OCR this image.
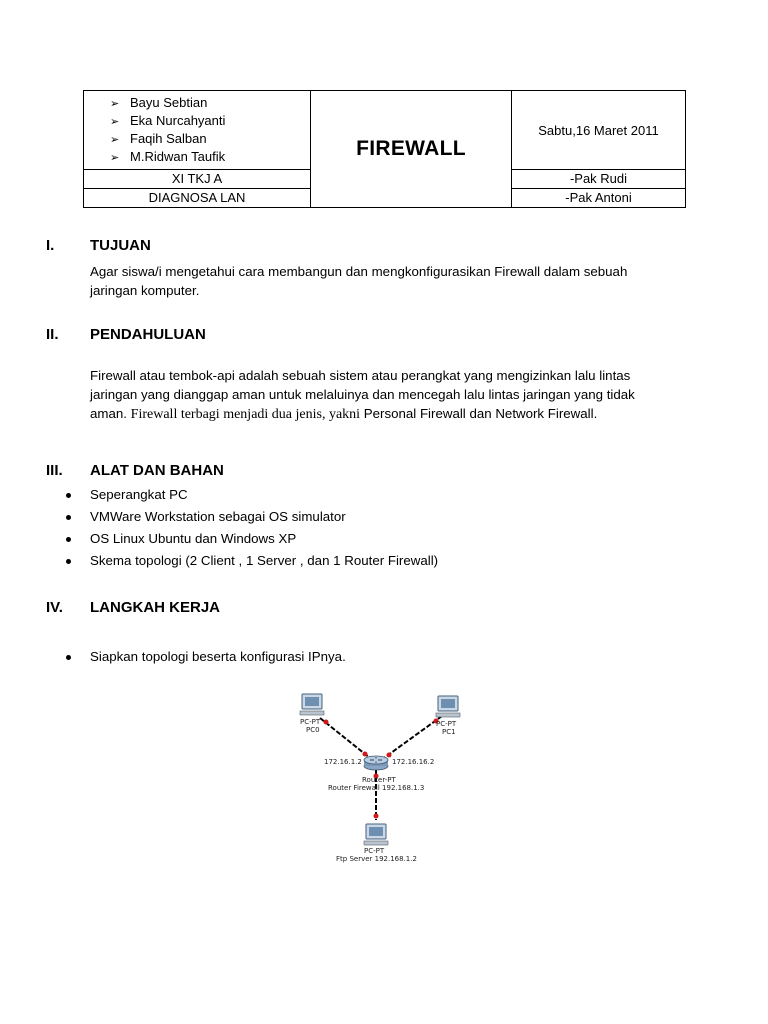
➢ Bayu Sebtian
➢ Eka Nurcahyanti
➢ Faqih Salban
➢ M.Ridwan Taufik	FIREWALL	Sabtu,16 Maret 2011
XI TKJ A		-Pak Rudi
DIAGNOSA LAN		-Pak Antoni
I. TUJUAN
Agar siswa/i mengetahui cara membangun dan mengkonfigurasikan Firewall dalam sebuah jaringan komputer.
II. PENDAHULUAN
Firewall atau tembok-api adalah sebuah sistem atau perangkat yang mengizinkan lalu lintas jaringan yang dianggap aman untuk melaluinya dan mencegah lalu lintas jaringan yang tidak aman. Firewall terbagi menjadi dua jenis, yakni Personal Firewall dan Network Firewall.
III. ALAT DAN BAHAN
Seperangkat PC
VMWare Workstation sebagai OS simulator
OS Linux Ubuntu dan Windows XP
Skema topologi (2 Client , 1 Server , dan 1 Router Firewall)
IV. LANGKAH KERJA
Siapkan topologi beserta konfigurasi IPnya.
PC-PT
PC0
PC-PT
PC1
172.16.1.2	172.16.16.2
Router-PT
Router Firewall 192.168.1.3
PC-PT
Ftp Server 192.168.1.2
